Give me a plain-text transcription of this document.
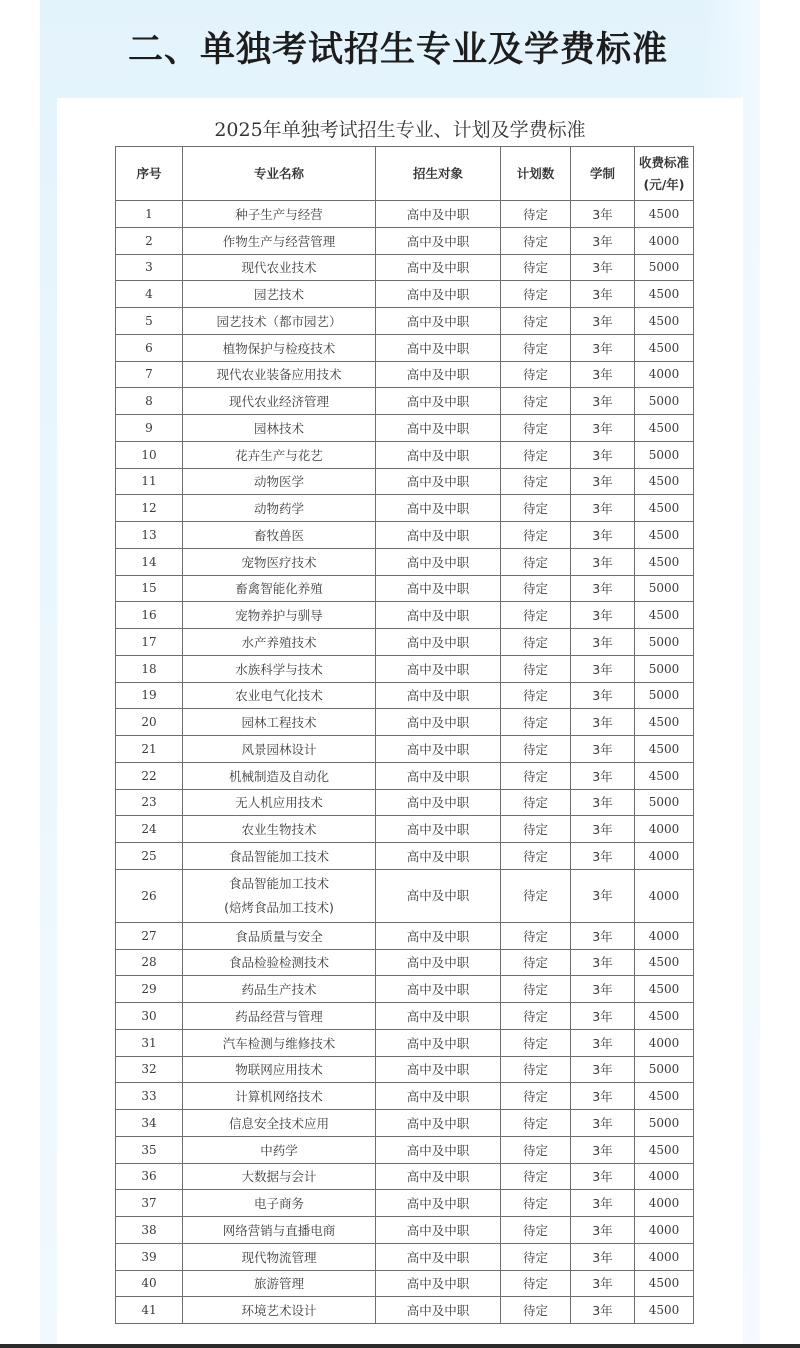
二、单独考试招生专业及学费标准
2025年单独考试招生专业、计划及学费标准
序号	专业名称	招生对象	计划数	学制	收费标准
(元/年)

1	种子生产与经营	高中及中职	待定	3年	4500
2	作物生产与经营管理	高中及中职	待定	3年	4000
3	现代农业技术	高中及中职	待定	3年	5000
4	园艺技术	高中及中职	待定	3年	4500
5	园艺技术（都市园艺）	高中及中职	待定	3年	4500
6	植物保护与检疫技术	高中及中职	待定	3年	4500
7	现代农业装备应用技术	高中及中职	待定	3年	4000
8	现代农业经济管理	高中及中职	待定	3年	5000
9	园林技术	高中及中职	待定	3年	4500
10	花卉生产与花艺	高中及中职	待定	3年	5000
11	动物医学	高中及中职	待定	3年	4500
12	动物药学	高中及中职	待定	3年	4500
13	畜牧兽医	高中及中职	待定	3年	4500
14	宠物医疗技术	高中及中职	待定	3年	4500
15	畜禽智能化养殖	高中及中职	待定	3年	5000
16	宠物养护与驯导	高中及中职	待定	3年	4500
17	水产养殖技术	高中及中职	待定	3年	5000
18	水族科学与技术	高中及中职	待定	3年	5000
19	农业电气化技术	高中及中职	待定	3年	5000
20	园林工程技术	高中及中职	待定	3年	4500
21	风景园林设计	高中及中职	待定	3年	4500
22	机械制造及自动化	高中及中职	待定	3年	4500
23	无人机应用技术	高中及中职	待定	3年	5000
24	农业生物技术	高中及中职	待定	3年	4000
25	食品智能加工技术	高中及中职	待定	3年	4000
26	食品智能加工技术
(焙烤食品加工技术)	高中及中职	待定	3年	4000
27	食品质量与安全	高中及中职	待定	3年	4000
28	食品检验检测技术	高中及中职	待定	3年	4500
29	药品生产技术	高中及中职	待定	3年	4500
30	药品经营与管理	高中及中职	待定	3年	4500
31	汽车检测与维修技术	高中及中职	待定	3年	4000
32	物联网应用技术	高中及中职	待定	3年	5000
33	计算机网络技术	高中及中职	待定	3年	4500
34	信息安全技术应用	高中及中职	待定	3年	5000
35	中药学	高中及中职	待定	3年	4500
36	大数据与会计	高中及中职	待定	3年	4000
37	电子商务	高中及中职	待定	3年	4000
38	网络营销与直播电商	高中及中职	待定	3年	4000
39	现代物流管理	高中及中职	待定	3年	4000
40	旅游管理	高中及中职	待定	3年	4500
41	环境艺术设计	高中及中职	待定	3年	4500
